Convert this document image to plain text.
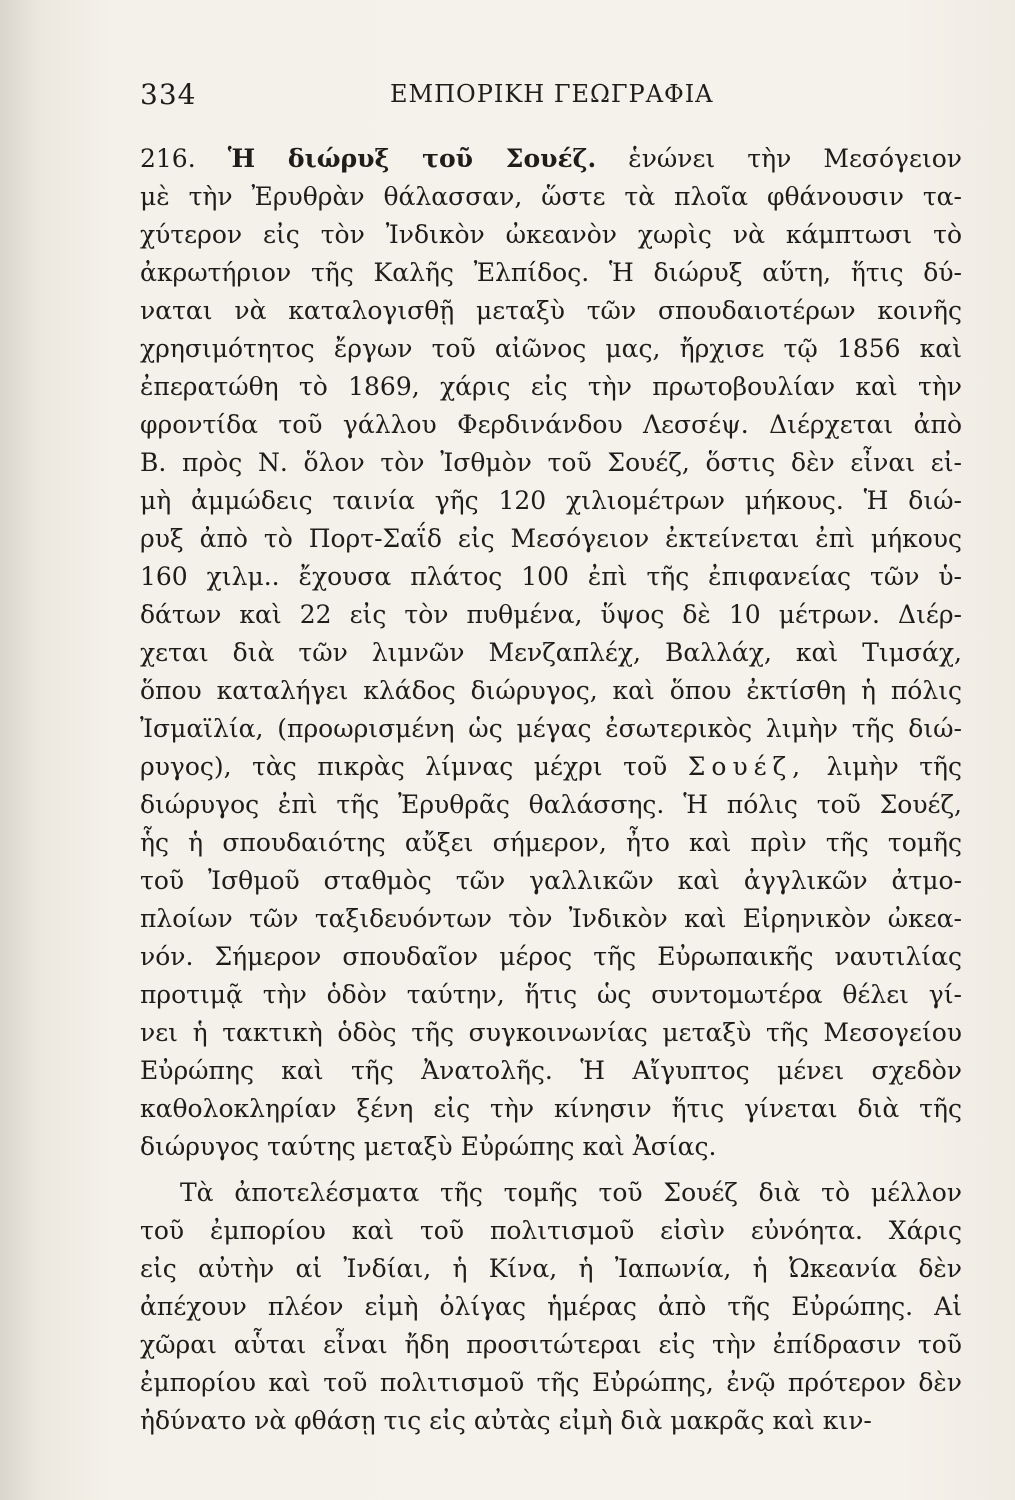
334	ΕΜΠΟΡΙΚΗ ΓΕΩΓΡΑΦΙΑ
216. Ἡ διώρυξ τοῦ Σουέζ. ἑνώνει τὴν Μεσόγειον
μὲ τὴν Ἐρυθρὰν θάλασσαν, ὥστε τὰ πλοῖα φθάνουσιν τα-
χύτερον εἰς τὸν Ἰνδικὸν ὠκεανὸν χωρὶς νὰ κάμπτωσι τὸ
ἀκρωτήριον τῆς Καλῆς Ἐλπίδος. Ἡ διώρυξ αὕτη, ἥτις δύ-
ναται νὰ καταλογισθῇ μεταξὺ τῶν σπουδαιοτέρων κοινῆς
χρησιμότητος ἔργων τοῦ αἰῶνος μας, ἤρχισε τῷ 1856 καὶ
ἐπερατώθη τὸ 1869, χάρις εἰς τὴν πρωτοβουλίαν καὶ τὴν
φροντίδα τοῦ γάλλου Φερδινάνδου Λεσσέψ. Διέρχεται ἀπὸ
Β. πρὸς Ν. ὅλον τὸν Ἰσθμὸν τοῦ Σουέζ, ὅστις δὲν εἶναι εἰ-
μὴ ἀμμώδεις ταινία γῆς 120 χιλιομέτρων μήκους. Ἡ διώ-
ρυξ ἀπὸ τὸ Πορτ-Σαΐδ εἰς Μεσόγειον ἐκτείνεται ἐπὶ μήκους
160 χιλμ.. ἔχουσα πλάτος 100 ἐπὶ τῆς ἐπιφανείας τῶν ὑ-
δάτων καὶ 22 εἰς τὸν πυθμένα, ὕψος δὲ 10 μέτρων. Διέρ-
χεται διὰ τῶν λιμνῶν Μενζαπλέχ, Βαλλάχ, καὶ Τιμσάχ,
ὅπου καταλήγει κλάδος διώρυγος, καὶ ὅπου ἐκτίσθη ἡ πόλις
Ἰσμαϊλία, (προωρισμένη ὡς μέγας ἐσωτερικὸς λιμὴν τῆς διώ-
ρυγος), τὰς πικρὰς λίμνας μέχρι τοῦ Σουέζ, λιμὴν τῆς
διώρυγος ἐπὶ τῆς Ἐρυθρᾶς θαλάσσης. Ἡ πόλις τοῦ Σουέζ,
ἧς ἡ σπουδαιότης αὔξει σήμερον, ἦτο καὶ πρὶν τῆς τομῆς
τοῦ Ἰσθμοῦ σταθμὸς τῶν γαλλικῶν καὶ ἀγγλικῶν ἀτμο-
πλοίων τῶν ταξιδευόντων τὸν Ἰνδικὸν καὶ Εἰρηνικὸν ὠκεα-
νόν. Σήμερον σπουδαῖον μέρος τῆς Εὐρωπαικῆς ναυτιλίας
προτιμᾷ τὴν ὁδὸν ταύτην, ἥτις ὡς συντομωτέρα θέλει γί-
νει ἡ τακτικὴ ὁδὸς τῆς συγκοινωνίας μεταξὺ τῆς Μεσογείου
Εὐρώπης καὶ τῆς Ἀνατολῆς. Ἡ Αἴγυπτος μένει σχεδὸν
καθολοκληρίαν ξένη εἰς τὴν κίνησιν ἥτις γίνεται διὰ τῆς
διώρυγος ταύτης μεταξὺ Εὐρώπης καὶ Ἀσίας.
Τὰ ἀποτελέσματα τῆς τομῆς τοῦ Σουέζ διὰ τὸ μέλλον
τοῦ ἐμπορίου καὶ τοῦ πολιτισμοῦ εἰσὶν εὐνόητα. Χάρις
εἰς αὐτὴν αἱ Ἰνδίαι, ἡ Κίνα, ἡ Ἰαπωνία, ἡ Ὠκεανία δὲν
ἀπέχουν πλέον εἰμὴ ὀλίγας ἡμέρας ἀπὸ τῆς Εὐρώπης. Αἱ
χῶραι αὗται εἶναι ἤδη προσιτώτεραι εἰς τὴν ἐπίδρασιν τοῦ
ἐμπορίου καὶ τοῦ πολιτισμοῦ τῆς Εὐρώπης, ἐνῷ πρότερον δὲν
ἠδύνατο νὰ φθάσῃ τις εἰς αὐτὰς εἰμὴ διὰ μακρᾶς καὶ κιν-
